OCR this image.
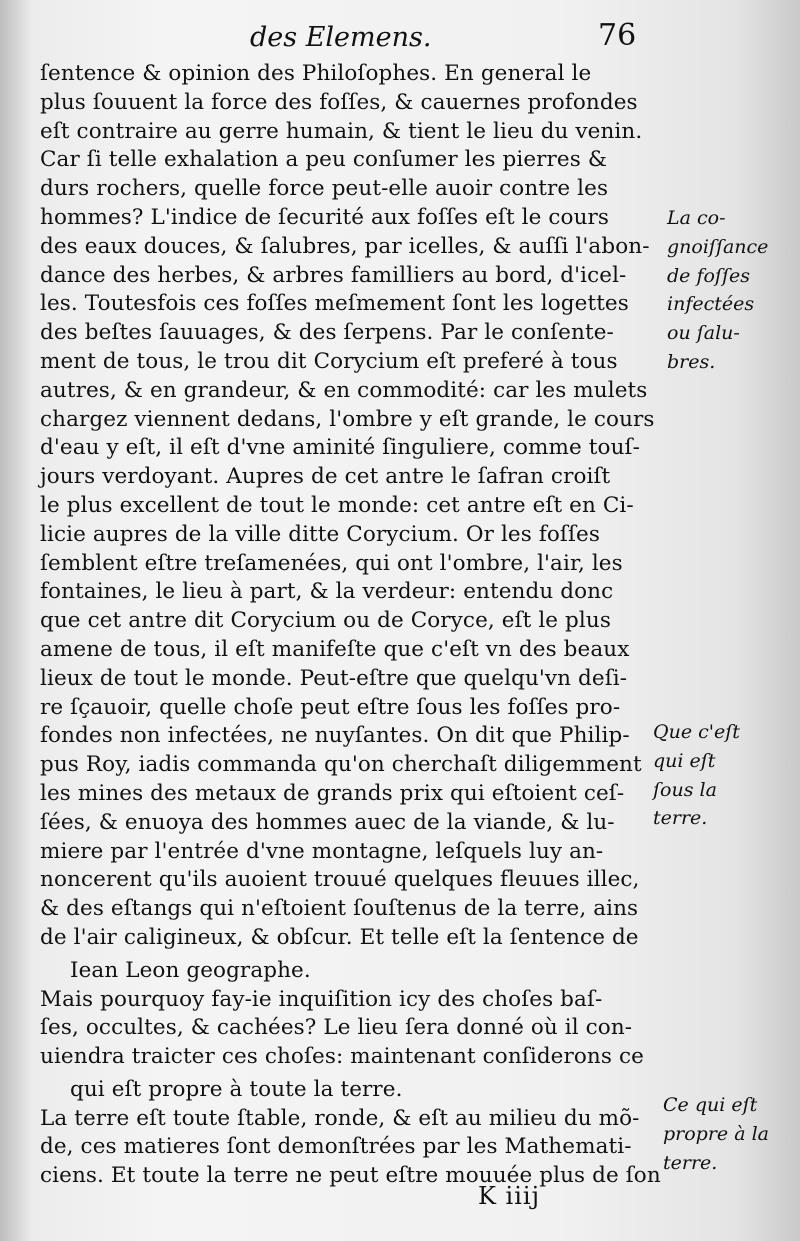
des Elemens.	76
ſentence & opinion des Philoſophes. En general le
plus ſouuent la force des foſſes, & cauernes profondes
eſt contraire au gerre humain, & tient le lieu du venin.
Car ſi telle exhalation a peu conſumer les pierres &
durs rochers, quelle force peut-elle auoir contre les
hommes? L'indice de ſecurité aux foſſes eſt le cours
des eaux douces, & ſalubres, par icelles, & auſſi l'abon-
dance des herbes, & arbres familliers au bord, d'icel-
les. Toutesfois ces foſſes meſmement ſont les logettes
des beſtes ſauuages, & des ſerpens. Par le conſente-
ment de tous, le trou dit Corycium eſt preferé à tous
autres, & en grandeur, & en commodité: car les mulets
chargez viennent dedans, l'ombre y eſt grande, le cours
d'eau y eſt, il eſt d'vne aminité ſinguliere, comme touſ-
jours verdoyant. Aupres de cet antre le ſafran croiſt
le plus excellent de tout le monde: cet antre eſt en Ci-
licie aupres de la ville ditte Corycium. Or les foſſes
ſemblent eſtre treſamenées, qui ont l'ombre, l'air, les
fontaines, le lieu à part, & la verdeur: entendu donc
que cet antre dit Corycium ou de Coryce, eſt le plus
amene de tous, il eſt manifeſte que c'eſt vn des beaux
lieux de tout le monde. Peut-eſtre que quelqu'vn deſi-
re ſçauoir, quelle choſe peut eſtre ſous les foſſes pro-
fondes non infectées, ne nuyſantes. On dit que Philip-
pus Roy, iadis commanda qu'on cherchaſt diligemment
les mines des metaux de grands prix qui eſtoient ceſ-
ſées, & enuoya des hommes auec de la viande, & lu-
miere par l'entrée d'vne montagne, leſquels luy an-
noncerent qu'ils auoient trouué quelques fleuues illec,
& des eſtangs qui n'eſtoient ſouſtenus de la terre, ains
de l'air caligineux, & obſcur. Et telle eſt la ſentence de
Iean Leon geographe.
Mais pourquoy fay-ie inquiſition icy des choſes baſ-
ſes, occultes, & cachées? Le lieu ſera donné où il con-
uiendra traicter ces choſes: maintenant conſiderons ce
qui eſt propre à toute la terre.
La terre eſt toute ſtable, ronde, & eſt au milieu du mõ-
de, ces matieres ſont demonſtrées par les Mathemati-
ciens. Et toute la terre ne peut eſtre mouuée plus de ſon
La co-
gnoiſſance
de foſſes
infectées
ou ſalu-
bres.
Que c'eſt
qui eſt
ſous la
terre.
Ce qui eſt
propre à la
terre.
K iiij
